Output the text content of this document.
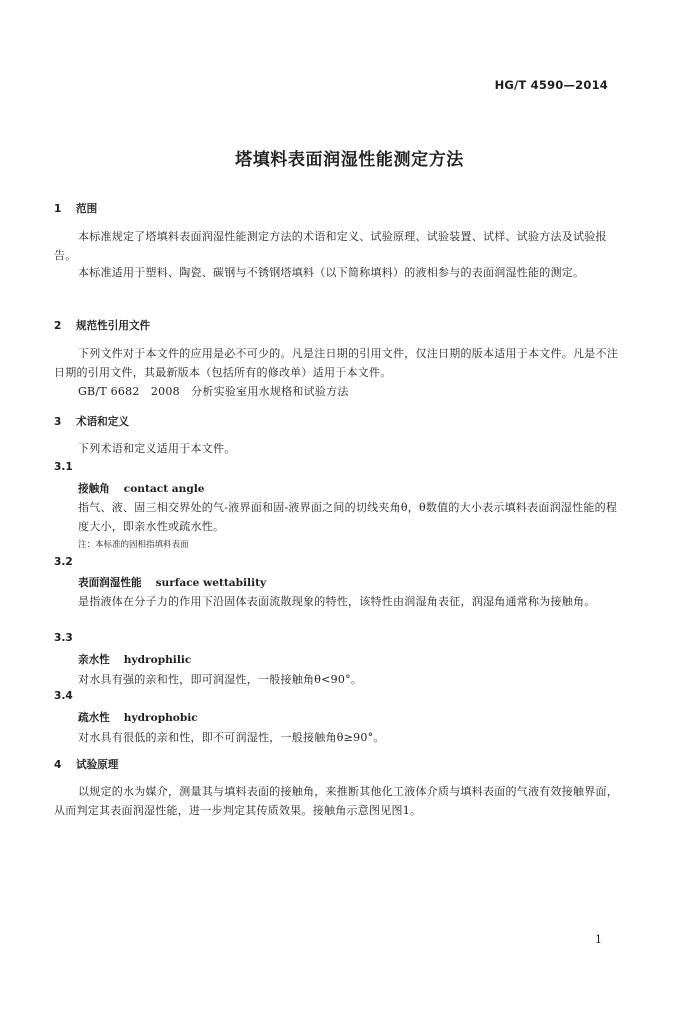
HG/T 4590—2014

塔填料表面润湿性能测定方法

1 范围

本标准规定了塔填料表面润湿性能测定方法的术语和定义、试验原理、试验装置、试样、试验方法及试验报告。

本标准适用于塑料、陶瓷、碳钢与不锈钢塔填料（以下简称填料）的液相参与的表面润湿性能的测定。

2 规范性引用文件

下列文件对于本文件的应用是必不可少的。凡是注日期的引用文件，仅注日期的版本适用于本文件。凡是不注日期的引用文件，其最新版本（包括所有的修改单）适用于本文件。

GB/T 6682　2008　分析实验室用水规格和试验方法

3 术语和定义

下列术语和定义适用于本文件。

3.1

接触角 contact angle

指气、液、固三相交界处的气-液界面和固-液界面之间的切线夹角θ，θ数值的大小表示填料表面润湿性能的程度大小，即亲水性或疏水性。

注：本标准的固相指填料表面

3.2

表面润湿性能 surface wettability

是指液体在分子力的作用下沿固体表面流散现象的特性，该特性由润湿角表征，润湿角通常称为接触角。

3.3

亲水性 hydrophilic

对水具有强的亲和性，即可润湿性，一般接触角θ<90°。

3.4

疏水性 hydrophobic

对水具有很低的亲和性，即不可润湿性，一般接触角θ≥90°。

4 试验原理

以规定的水为媒介，测量其与填料表面的接触角，来推断其他化工液体介质与填料表面的气液有效接触界面，从而判定其表面润湿性能，进一步判定其传质效果。接触角示意图见图1。

1
